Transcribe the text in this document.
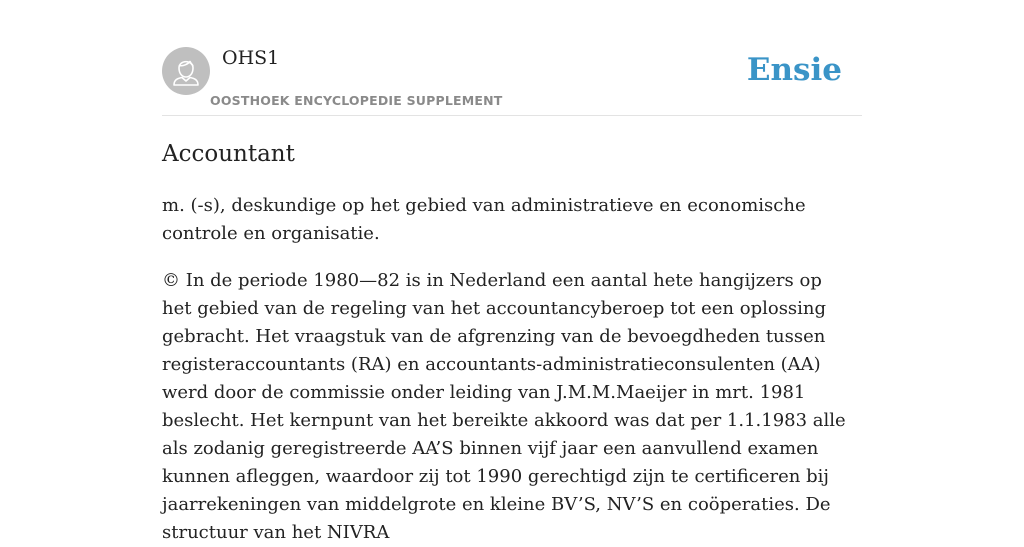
OHS1
OOSTHOEK ENCYCLOPEDIE SUPPLEMENT
Ensie
Accountant

m. (-s), deskundige op het gebied van administratieve en economische controle en organisatie.

© In de periode 1980—82 is in Nederland een aantal hete hangijzers op het gebied van de regeling van het accountancyberoep tot een oplossing gebracht. Het vraagstuk van de afgrenzing van de bevoegdheden tussen registeraccountants (RA) en accountants-administratieconsulenten (AA) werd door de commissie onder leiding van J.M.M.Maeijer in mrt. 1981 beslecht. Het kernpunt van het bereikte akkoord was dat per 1.1.1983 alle als zodanig geregistreerde AA’S binnen vijf jaar een aanvullend examen kunnen afleggen, waardoor zij tot 1990 gerechtigd zijn te certificeren bij jaarrekeningen van middelgrote en kleine BV’S, NV’S en coöperaties. De structuur van het NIVRA
